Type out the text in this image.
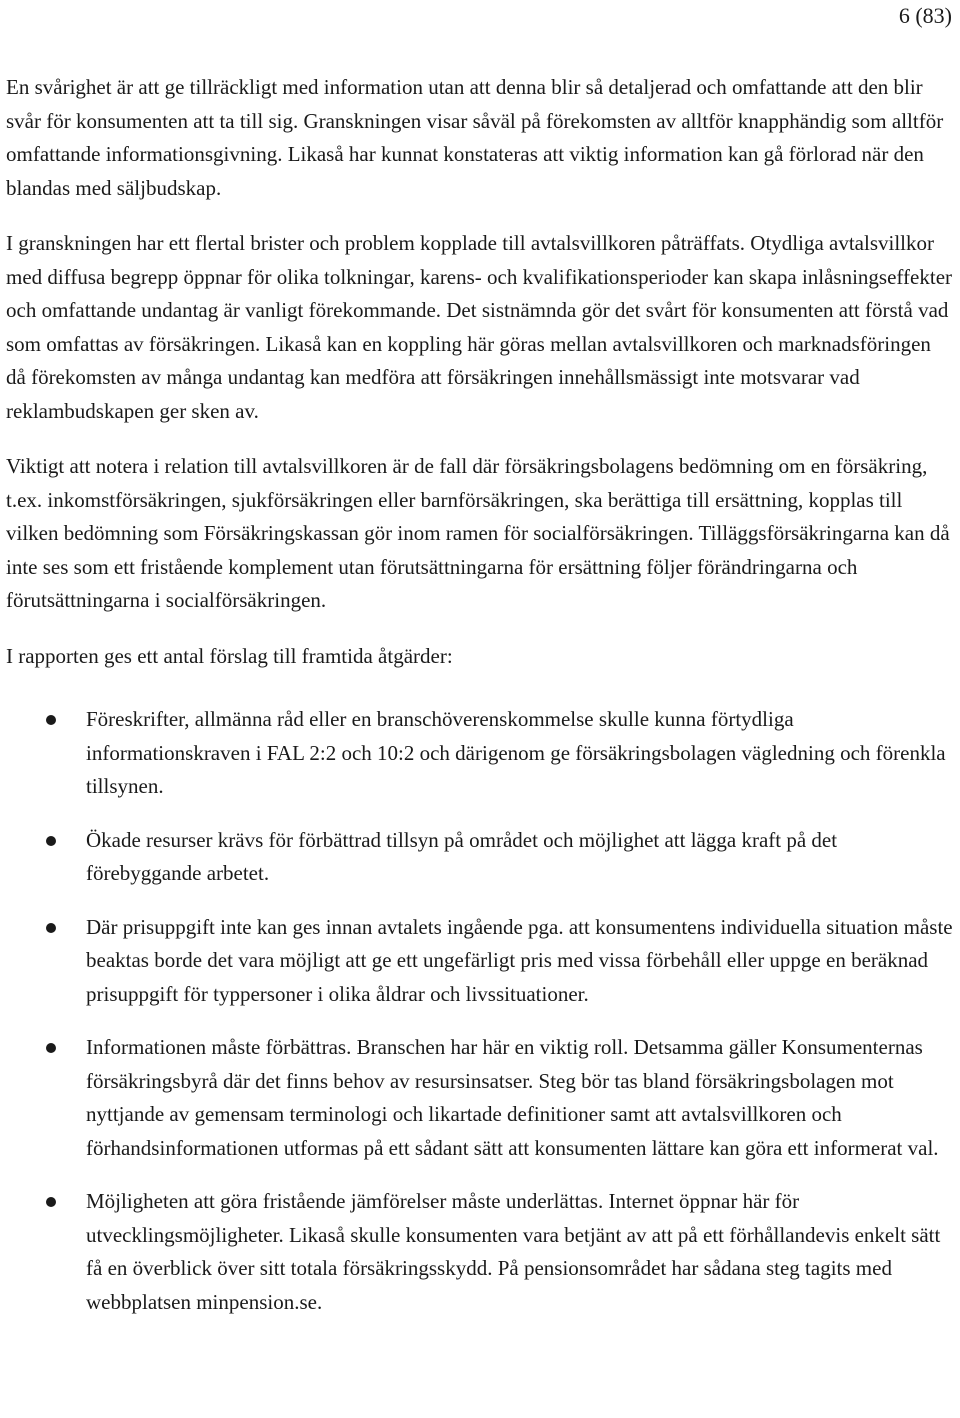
6 (83)

En svårighet är att ge tillräckligt med information utan att denna blir så detaljerad och omfattande att den blir svår för konsumenten att ta till sig. Granskningen visar såväl på förekomsten av alltför knapphändig som alltför omfattande informationsgivning. Likaså har kunnat konstateras att viktig information kan gå förlorad när den blandas med säljbudskap.

I granskningen har ett flertal brister och problem kopplade till avtalsvillkoren påträffats. Otydliga avtalsvillkor med diffusa begrepp öppnar för olika tolkningar, karens- och kvalifikationsperioder kan skapa inlåsningseffekter och omfattande undantag är vanligt förekommande. Det sistnämnda gör det svårt för konsumenten att förstå vad som omfattas av försäkringen. Likaså kan en koppling här göras mellan avtalsvillkoren och marknadsföringen då förekomsten av många undantag kan medföra att försäkringen innehållsmässigt inte motsvarar vad reklambudskapen ger sken av.

Viktigt att notera i relation till avtalsvillkoren är de fall där försäkringsbolagens bedömning om en försäkring, t.ex. inkomstförsäkringen, sjukförsäkringen eller barnförsäkringen, ska berättiga till ersättning, kopplas till vilken bedömning som Försäkringskassan gör inom ramen för socialförsäkringen. Tilläggsförsäkringarna kan då inte ses som ett fristående komplement utan förutsättningarna för ersättning följer förändringarna och förutsättningarna i socialförsäkringen.

I rapporten ges ett antal förslag till framtida åtgärder:

Föreskrifter, allmänna råd eller en branschöverenskommelse skulle kunna förtydliga informationskraven i FAL 2:2 och 10:2 och därigenom ge försäkringsbolagen vägledning och förenkla tillsynen.
Ökade resurser krävs för förbättrad tillsyn på området och möjlighet att lägga kraft på det förebyggande arbetet.
Där prisuppgift inte kan ges innan avtalets ingående pga. att konsumentens individuella situation måste beaktas borde det vara möjligt att ge ett ungefärligt pris med vissa förbehåll eller uppge en beräknad prisuppgift för typpersoner i olika åldrar och livssituationer.
Informationen måste förbättras. Branschen har här en viktig roll. Detsamma gäller Konsumenternas försäkringsbyrå där det finns behov av resursinsatser. Steg bör tas bland försäkringsbolagen mot nyttjande av gemensam terminologi och likartade definitioner samt att avtalsvillkoren och förhandsinformationen utformas på ett sådant sätt att konsumenten lättare kan göra ett informerat val.
Möjligheten att göra fristående jämförelser måste underlättas. Internet öppnar här för utvecklingsmöjligheter. Likaså skulle konsumenten vara betjänt av att på ett förhållandevis enkelt sätt få en överblick över sitt totala försäkringsskydd. På pensionsområdet har sådana steg tagits med webbplatsen minpension.se.
